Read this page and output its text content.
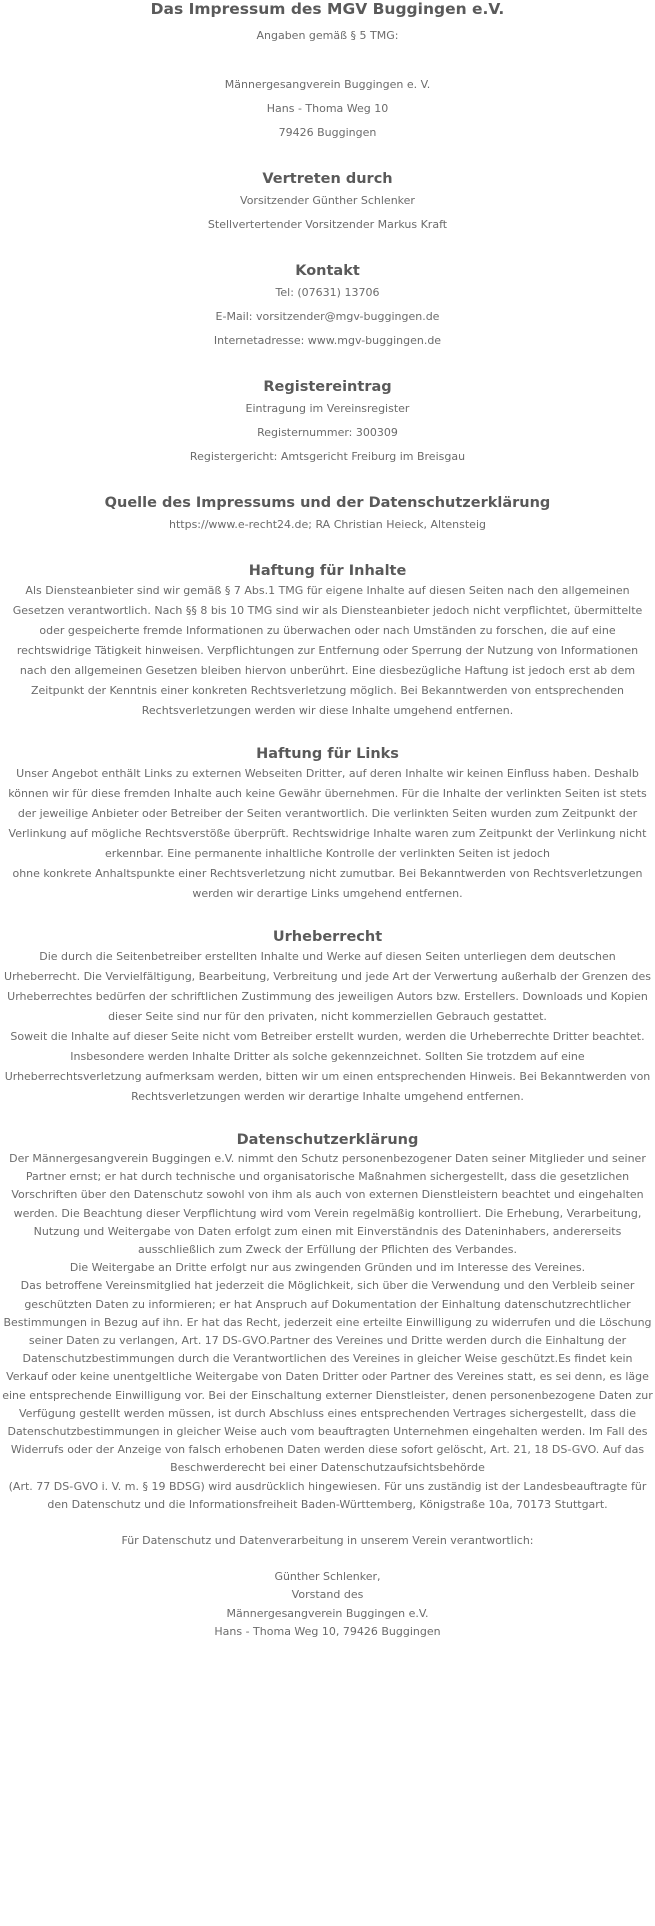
Das Impressum des MGV Buggingen e.V.

Angaben gemäß § 5 TMG:

Männergesangverein Buggingen e. V.

Hans - Thoma Weg 10

79426 Buggingen

Vertreten durch

Vorsitzender Günther Schlenker

Stellvertertender Vorsitzender Markus Kraft

Kontakt

Tel: (07631) 13706

E-Mail: vorsitzender@mgv-buggingen.de

Internetadresse: www.mgv-buggingen.de

Registereintrag

Eintragung im Vereinsregister

Registernummer: 300309

Registergericht: Amtsgericht Freiburg im Breisgau

Quelle des Impressums und der Datenschutzerklärung

https://www.e-recht24.de; RA Christian Heieck, Altensteig

Haftung für Inhalte

Als Diensteanbieter sind wir gemäß § 7 Abs.1 TMG für eigene Inhalte auf diesen Seiten nach den allgemeinen Gesetzen verantwortlich. Nach §§ 8 bis 10 TMG sind wir als Diensteanbieter jedoch nicht verpflichtet, übermittelte oder gespeicherte fremde Informationen zu überwachen oder nach Umständen zu forschen, die auf eine rechtswidrige Tätigkeit hinweisen. Verpflichtungen zur Entfernung oder Sperrung der Nutzung von Informationen nach den allgemeinen Gesetzen bleiben hiervon unberührt. Eine diesbezügliche Haftung ist jedoch erst ab dem Zeitpunkt der Kenntnis einer konkreten Rechtsverletzung möglich. Bei Bekanntwerden von entsprechenden Rechtsverletzungen werden wir diese Inhalte umgehend entfernen.

Haftung für Links

Unser Angebot enthält Links zu externen Webseiten Dritter, auf deren Inhalte wir keinen Einfluss haben. Deshalb können wir für diese fremden Inhalte auch keine Gewähr übernehmen. Für die Inhalte der verlinkten Seiten ist stets der jeweilige Anbieter oder Betreiber der Seiten verantwortlich. Die verlinkten Seiten wurden zum Zeitpunkt der Verlinkung auf mögliche Rechtsverstöße überprüft. Rechtswidrige Inhalte waren zum Zeitpunkt der Verlinkung nicht erkennbar. Eine permanente inhaltliche Kontrolle der verlinkten Seiten ist jedoch

ohne konkrete Anhaltspunkte einer Rechtsverletzung nicht zumutbar. Bei Bekanntwerden von Rechtsverletzungen werden wir derartige Links umgehend entfernen.

Urheberrecht

Die durch die Seitenbetreiber erstellten Inhalte und Werke auf diesen Seiten unterliegen dem deutschen Urheberrecht. Die Vervielfältigung, Bearbeitung, Verbreitung und jede Art der Verwertung außerhalb der Grenzen des Urheberrechtes bedürfen der schriftlichen Zustimmung des jeweiligen Autors bzw. Erstellers. Downloads und Kopien dieser Seite sind nur für den privaten, nicht kommerziellen Gebrauch gestattet.

Soweit die Inhalte auf dieser Seite nicht vom Betreiber erstellt wurden, werden die Urheberrechte Dritter beachtet. Insbesondere werden Inhalte Dritter als solche gekennzeichnet. Sollten Sie trotzdem auf eine Urheberrechtsverletzung aufmerksam werden, bitten wir um einen entsprechenden Hinweis. Bei Bekanntwerden von Rechtsverletzungen werden wir derartige Inhalte umgehend entfernen.

Datenschutzerklärung

Der Männergesangverein Buggingen e.V. nimmt den Schutz personenbezogener Daten seiner Mitglieder und seiner Partner ernst; er hat durch technische und organisatorische Maßnahmen sichergestellt, dass die gesetzlichen Vorschriften über den Datenschutz sowohl von ihm als auch von externen Dienstleistern beachtet und eingehalten werden. Die Beachtung dieser Verpflichtung wird vom Verein regelmäßig kontrolliert. Die Erhebung, Verarbeitung, Nutzung und Weitergabe von Daten erfolgt zum einen mit Einverständnis des Dateninhabers, andererseits ausschließlich zum Zweck der Erfüllung der Pflichten des Verbandes.

Die Weitergabe an Dritte erfolgt nur aus zwingenden Gründen und im Interesse des Vereines.

Das betroffene Vereinsmitglied hat jederzeit die Möglichkeit, sich über die Verwendung und den Verbleib seiner geschützten Daten zu informieren; er hat Anspruch auf Dokumentation der Einhaltung datenschutzrechtlicher Bestimmungen in Bezug auf ihn. Er hat das Recht, jederzeit eine erteilte Einwilligung zu widerrufen und die Löschung seiner Daten zu verlangen, Art. 17 DS-GVO.Partner des Vereines und Dritte werden durch die Einhaltung der Datenschutzbestimmungen durch die Verantwortlichen des Vereines in gleicher Weise geschützt.Es findet kein Verkauf oder keine unentgeltliche Weitergabe von Daten Dritter oder Partner des Vereines statt, es sei denn, es läge eine entsprechende Einwilligung vor. Bei der Einschaltung externer Dienstleister, denen personenbezogene Daten zur Verfügung gestellt werden müssen, ist durch Abschluss eines entsprechenden Vertrages sichergestellt, dass die Datenschutzbestimmungen in gleicher Weise auch vom beauftragten Unternehmen eingehalten werden. Im Fall des Widerrufs oder der Anzeige von falsch erhobenen Daten werden diese sofort gelöscht, Art. 21, 18 DS-GVO. Auf das Beschwerderecht bei einer Datenschutzaufsichtsbehörde

(Art. 77 DS-GVO i. V. m. § 19 BDSG) wird ausdrücklich hingewiesen. Für uns zuständig ist der Landesbeauftragte für den Datenschutz und die Informationsfreiheit Baden-Württemberg, Königstraße 10a, 70173 Stuttgart.

Für Datenschutz und Datenverarbeitung in unserem Verein verantwortlich:

Günther Schlenker,

Vorstand des

Männergesangverein Buggingen e.V.

Hans - Thoma Weg 10, 79426 Buggingen
